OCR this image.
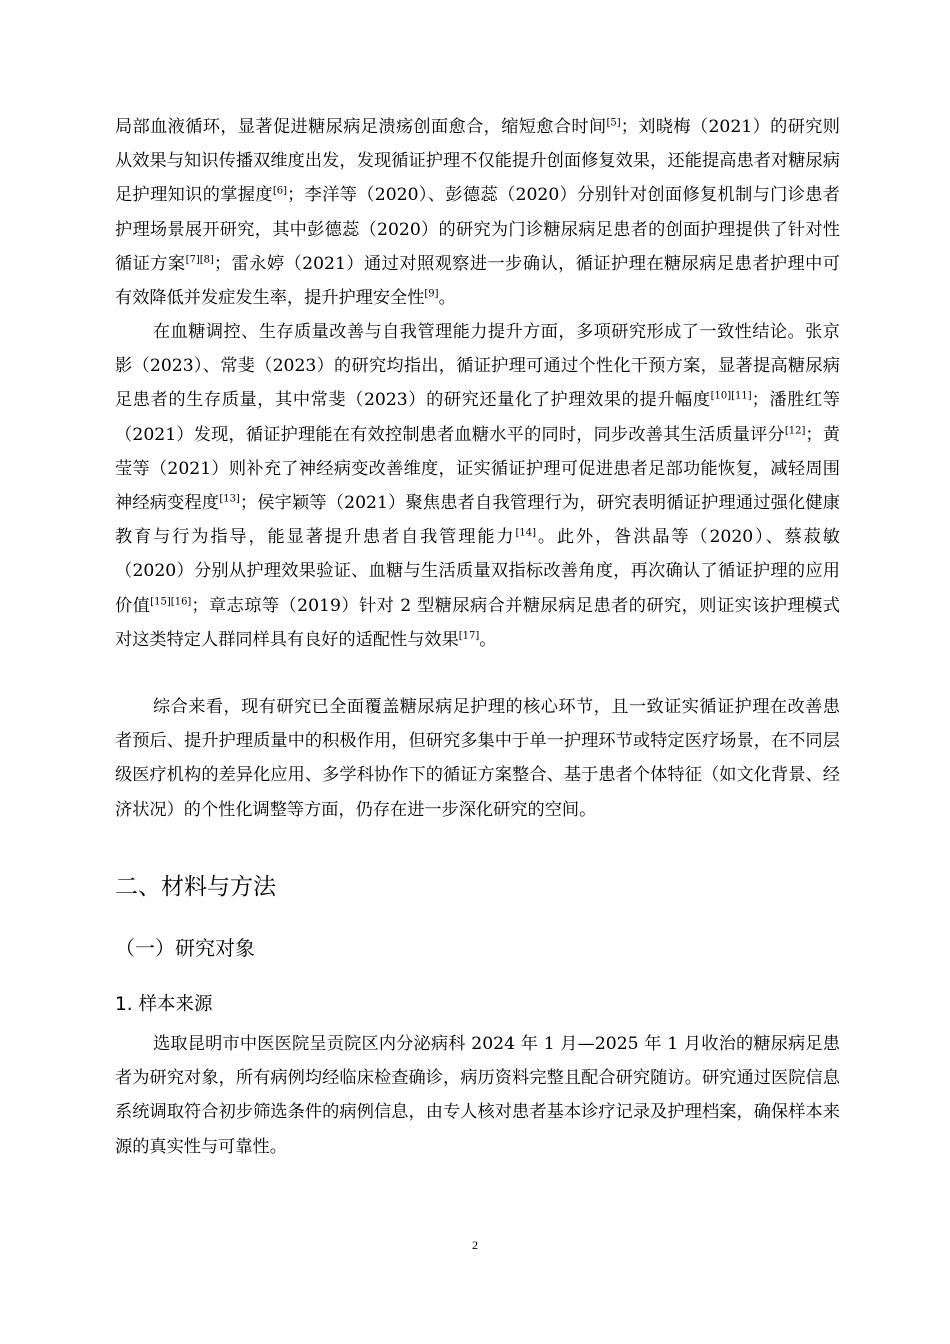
局部血液循环，显著促进糖尿病足溃疡创面愈合，缩短愈合时间[5]；刘晓梅（2021）的研究则从效果与知识传播双维度出发，发现循证护理不仅能提升创面修复效果，还能提高患者对糖尿病足护理知识的掌握度[6]；李洋等（2020）、彭德蕊（2020）分别针对创面修复机制与门诊患者护理场景展开研究，其中彭德蕊（2020）的研究为门诊糖尿病足患者的创面护理提供了针对性循证方案[7][8]；雷永婷（2021）通过对照观察进一步确认，循证护理在糖尿病足患者护理中可有效降低并发症发生率，提升护理安全性[9]。

在血糖调控、生存质量改善与自我管理能力提升方面，多项研究形成了一致性结论。张京影（2023）、常斐（2023）的研究均指出，循证护理可通过个性化干预方案，显著提高糖尿病足患者的生存质量，其中常斐（2023）的研究还量化了护理效果的提升幅度[10][11]；潘胜红等（2021）发现，循证护理能在有效控制患者血糖水平的同时，同步改善其生活质量评分[12]；黄莹等（2021）则补充了神经病变改善维度，证实循证护理可促进患者足部功能恢复，减轻周围神经病变程度[13]；侯宇颖等（2021）聚焦患者自我管理行为，研究表明循证护理通过强化健康教育与行为指导，能显著提升患者自我管理能力[14]。此外，昝洪晶等（2020）、蔡菽敏（2020）分别从护理效果验证、血糖与生活质量双指标改善角度，再次确认了循证护理的应用价值[15][16]；章志琼等（2019）针对 2 型糖尿病合并糖尿病足患者的研究，则证实该护理模式对这类特定人群同样具有良好的适配性与效果[17]。

综合来看，现有研究已全面覆盖糖尿病足护理的核心环节，且一致证实循证护理在改善患者预后、提升护理质量中的积极作用，但研究多集中于单一护理环节或特定医疗场景，在不同层级医疗机构的差异化应用、多学科协作下的循证方案整合、基于患者个体特征（如文化背景、经济状况）的个性化调整等方面，仍存在进一步深化研究的空间。

二、材料与方法
（一）研究对象
1. 样本来源

选取昆明市中医医院呈贡院区内分泌病科 2024 年 1 月—2025 年 1 月收治的糖尿病足患者为研究对象，所有病例均经临床检查确诊，病历资料完整且配合研究随访。研究通过医院信息系统调取符合初步筛选条件的病例信息，由专人核对患者基本诊疗记录及护理档案，确保样本来源的真实性与可靠性。

2
